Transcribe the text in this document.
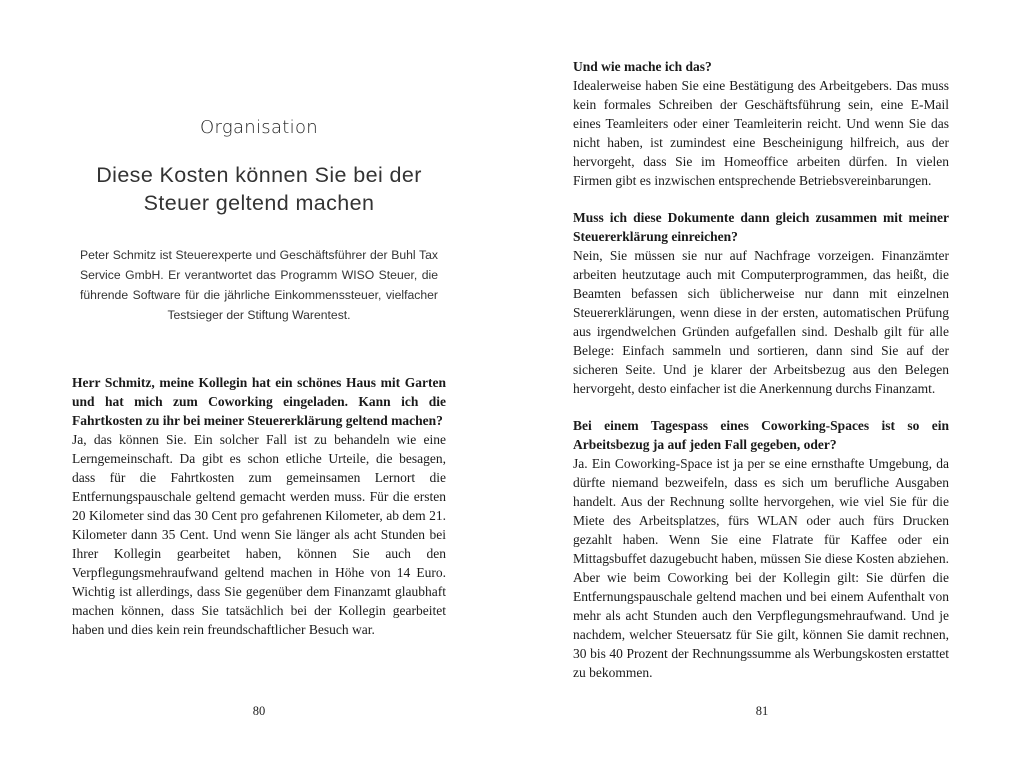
Organisation
Diese Kosten können Sie bei der Steuer geltend machen

Peter Schmitz ist Steuerexperte und Geschäftsführer der Buhl Tax Service GmbH. Er verantwortet das Programm WISO Steuer, die führende Software für die jährliche Einkommenssteuer, vielfacher Testsieger der Stiftung Warentest.

Herr Schmitz, meine Kollegin hat ein schönes Haus mit Garten und hat mich zum Coworking eingeladen. Kann ich die Fahrtkosten zu ihr bei meiner Steuererklärung geltend machen?

Ja, das können Sie. Ein solcher Fall ist zu behandeln wie eine Lerngemeinschaft. Da gibt es schon etliche Urteile, die besagen, dass für die Fahrtkosten zum gemeinsamen Lernort die Entfernungspauschale geltend gemacht werden muss. Für die ersten 20 Kilometer sind das 30 Cent pro gefahrenen Kilometer, ab dem 21. Kilometer dann 35 Cent. Und wenn Sie länger als acht Stunden bei Ihrer Kollegin gearbeitet haben, können Sie auch den Verpflegungsmehraufwand geltend machen in Höhe von 14 Euro. Wichtig ist allerdings, dass Sie gegenüber dem Finanzamt glaubhaft machen können, dass Sie tatsächlich bei der Kollegin gearbeitet haben und dies kein rein freundschaftlicher Besuch war.

80

Und wie mache ich das?

Idealerweise haben Sie eine Bestätigung des Arbeitgebers. Das muss kein formales Schreiben der Geschäftsführung sein, eine E-Mail eines Teamleiters oder einer Teamleiterin reicht. Und wenn Sie das nicht haben, ist zumindest eine Bescheinigung hilfreich, aus der hervorgeht, dass Sie im Homeoffice arbeiten dürfen. In vielen Firmen gibt es inzwischen entsprechende Betriebsvereinbarungen.

Muss ich diese Dokumente dann gleich zusammen mit meiner Steuererklärung einreichen?

Nein, Sie müssen sie nur auf Nachfrage vorzeigen. Finanzämter arbeiten heutzutage auch mit Computerprogrammen, das heißt, die Beamten befassen sich üblicherweise nur dann mit einzelnen Steuererklärungen, wenn diese in der ersten, automatischen Prüfung aus irgendwelchen Gründen aufgefallen sind. Deshalb gilt für alle Belege: Einfach sammeln und sortieren, dann sind Sie auf der sicheren Seite. Und je klarer der Arbeitsbezug aus den Belegen hervorgeht, desto einfacher ist die Anerkennung durchs Finanzamt.

Bei einem Tagespass eines Coworking-Spaces ist so ein Arbeitsbezug ja auf jeden Fall gegeben, oder?

Ja. Ein Coworking-Space ist ja per se eine ernsthafte Umgebung, da dürfte niemand bezweifeln, dass es sich um berufliche Ausgaben handelt. Aus der Rechnung sollte hervorgehen, wie viel Sie für die Miete des Arbeitsplatzes, fürs WLAN oder auch fürs Drucken gezahlt haben. Wenn Sie eine Flatrate für Kaffee oder ein Mittagsbuffet dazugebucht haben, müssen Sie diese Kosten abziehen. Aber wie beim Coworking bei der Kollegin gilt: Sie dürfen die Entfernungspauschale geltend machen und bei einem Aufenthalt von mehr als acht Stunden auch den Verpflegungsmehraufwand. Und je nachdem, welcher Steuersatz für Sie gilt, können Sie damit rechnen, 30 bis 40 Prozent der Rechnungssumme als Werbungskosten erstattet zu bekommen.

81
